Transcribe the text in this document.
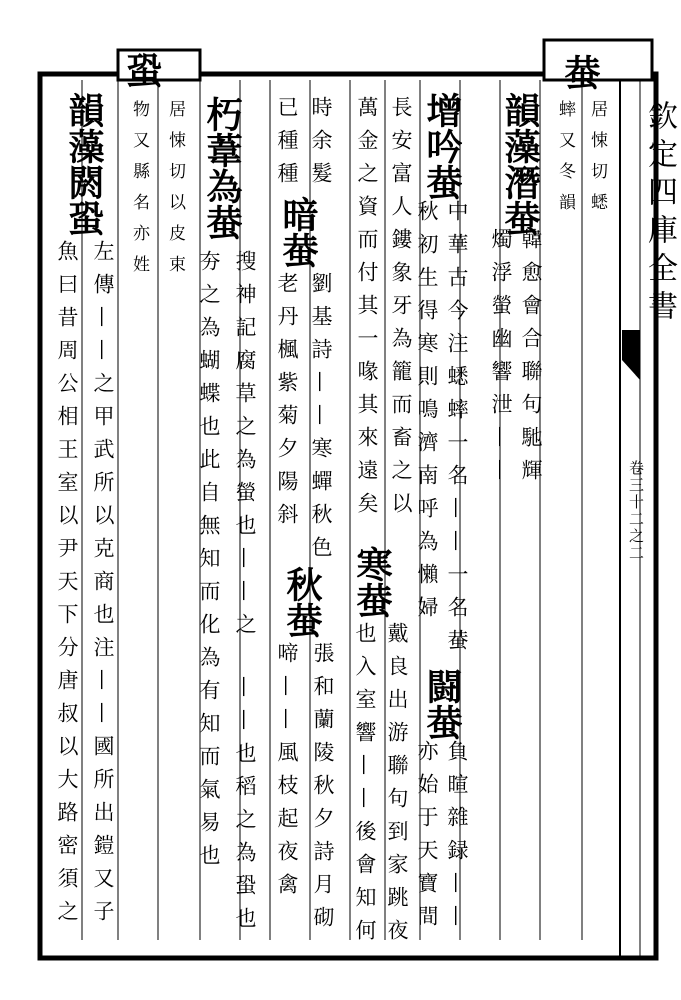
欽定四庫全書
卷三十二之二
蛬
居悚切蟋
蟀又冬韻
韻藻潛蛬
韓愈會合聯句馳輝
燭浮螢幽響泄——
增吟蛬
中華古今注蟋蟀一名——一名蛬
秋初生得寒則鳴濟南呼為懶婦
闘蛬
負暄雜録——
亦始于天寶間
長安富人鏤象牙為籠而畜之以
寒蛬
戴良出游聯句到家跳夜
萬金之資而付其一喙其來遠矣
也入室響——後會知何
時余髮
暗蛬
劉基詩——寒蟬秋色
已種種
老丹楓紫菊夕陽斜
秋蛬
張和蘭陵秋夕詩月砌
啼——風枝起夜禽
朽葦為蛬
搜神記腐草之為螢也——之
夯之為蝴蝶也此自無知而化為有知而氣易也 ——也稻之為蛩也
蛩
居悚切以皮束
物又縣名亦姓
韻藻閼蛩
左傳——之甲武所以克商也注——國所出鎧又子
魚曰昔周公相王室以尹天下分唐叔以大路密須之
